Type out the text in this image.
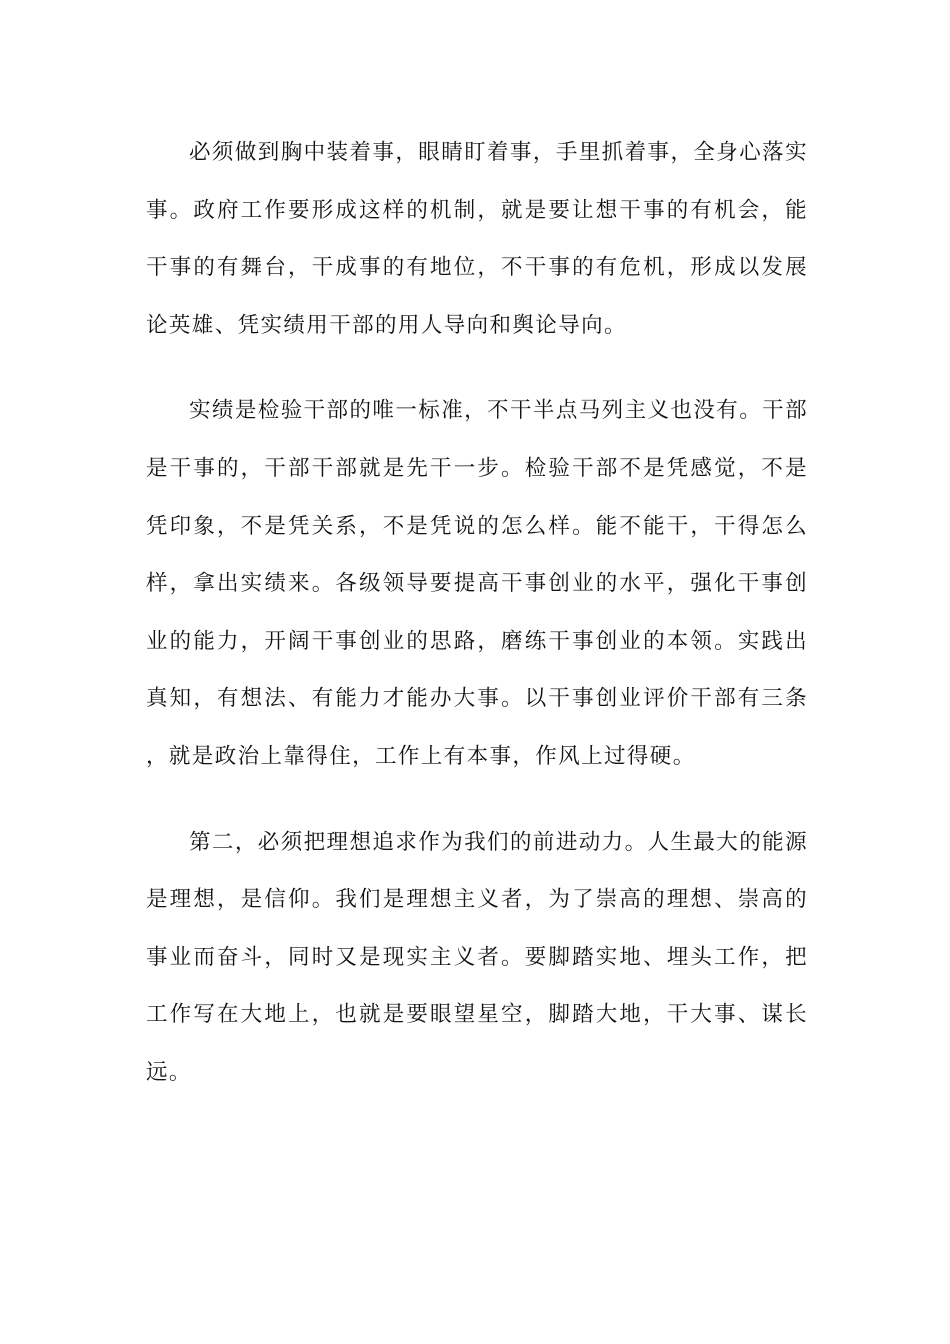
必须做到胸中装着事，眼睛盯着事，手里抓着事，全身心落实事。政府工作要形成这样的机制，就是要让想干事的有机会，能干事的有舞台，干成事的有地位，不干事的有危机，形成以发展论英雄、凭实绩用干部的用人导向和舆论导向。

实绩是检验干部的唯一标准，不干半点马列主义也没有。干部是干事的，干部干部就是先干一步。检验干部不是凭感觉，不是凭印象，不是凭关系，不是凭说的怎么样。能不能干，干得怎么样，拿出实绩来。各级领导要提高干事创业的水平，强化干事创业的能力，开阔干事创业的思路，磨练干事创业的本领。实践出真知，有想法、有能力才能办大事。以干事创业评价干部有三条，就是政治上靠得住，工作上有本事，作风上过得硬。

第二，必须把理想追求作为我们的前进动力。人生最大的能源是理想，是信仰。我们是理想主义者，为了崇高的理想、崇高的事业而奋斗，同时又是现实主义者。要脚踏实地、埋头工作，把工作写在大地上，也就是要眼望星空，脚踏大地，干大事、谋长远。
